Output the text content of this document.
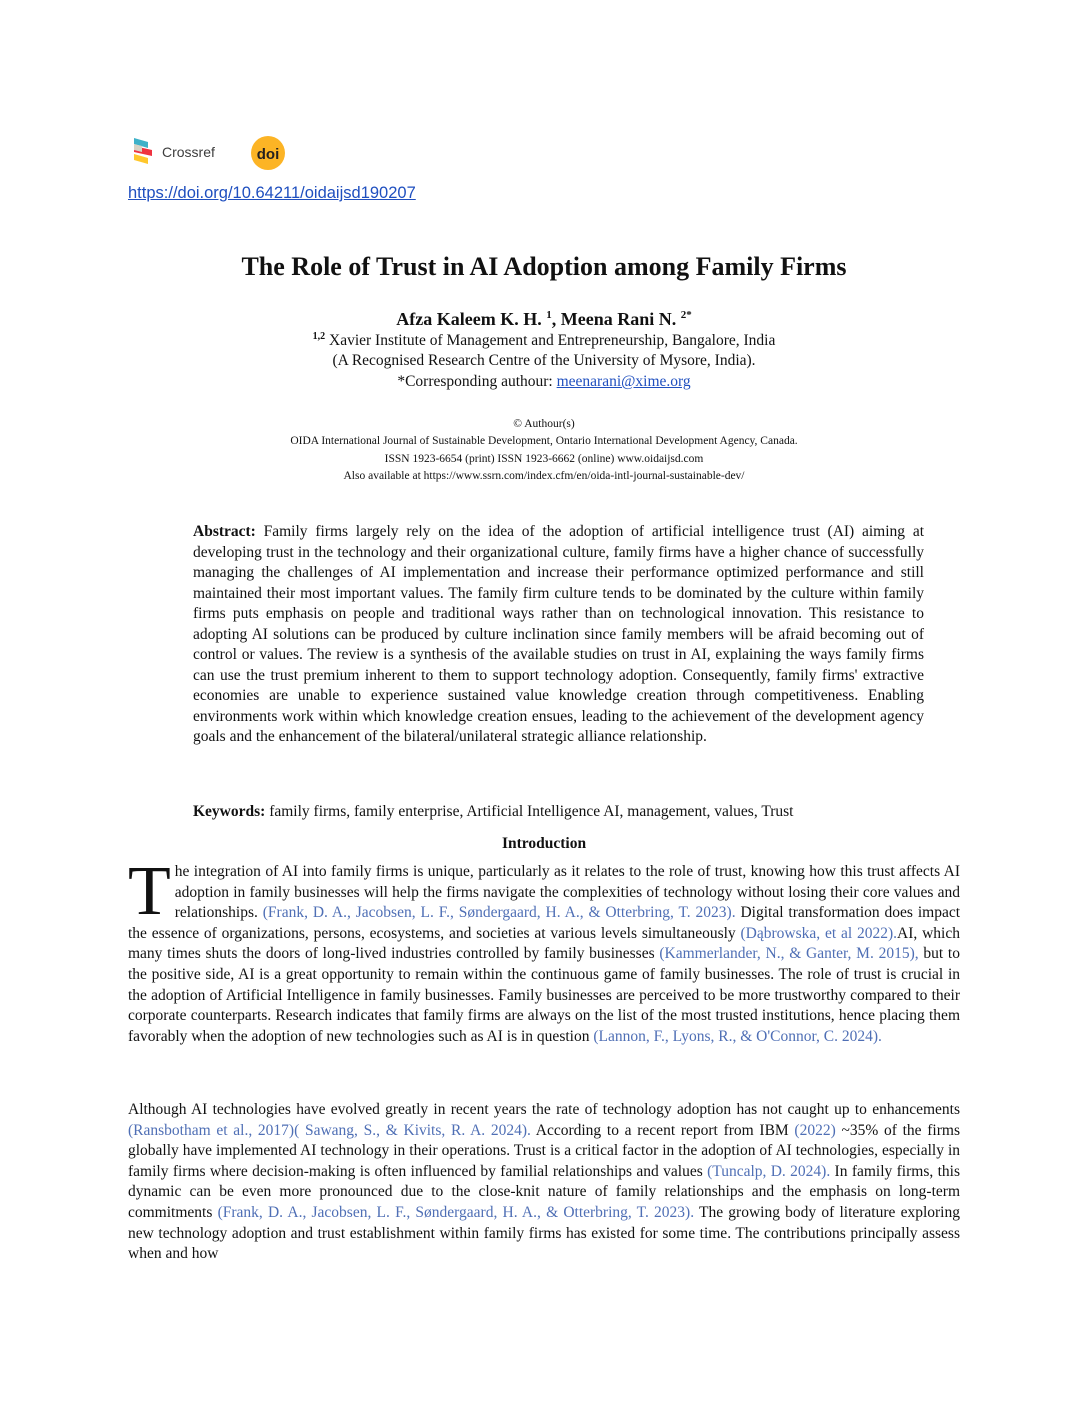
Crossref	doi
https://doi.org/10.64211/oidaijsd190207
The Role of Trust in AI Adoption among Family Firms
Afza Kaleem K. H. $^1$, Meena Rani N. $^{2*}$
$^{1,2}$ Xavier Institute of Management and Entrepreneurship, Bangalore, India
(A Recognised Research Centre of the University of Mysore, India).
*Corresponding authour: meenarani@xime.org
© Authour(s)
OIDA International Journal of Sustainable Development, Ontario International Development Agency, Canada.
ISSN 1923-6654 (print) ISSN 1923-6662 (online) www.oidaijsd.com
Also available at https://www.ssrn.com/index.cfm/en/oida-intl-journal-sustainable-dev/
Abstract: Family firms largely rely on the idea of the adoption of artificial intelligence trust (AI) aiming at developing trust in the technology and their organizational culture, family firms have a higher chance of successfully managing the challenges of AI implementation and increase their performance optimized performance and still maintained their most important values. The family firm culture tends to be dominated by the culture within family firms puts emphasis on people and traditional ways rather than on technological innovation. This resistance to adopting AI solutions can be produced by culture inclination since family members will be afraid becoming out of control or values. The review is a synthesis of the available studies on trust in AI, explaining the ways family firms can use the trust premium inherent to them to support technology adoption. Consequently, family firms' extractive economies are unable to experience sustained value knowledge creation through competitiveness. Enabling environments work within which knowledge creation ensues, leading to the achievement of the development agency goals and the enhancement of the bilateral/unilateral strategic alliance relationship.
Keywords: family firms, family enterprise, Artificial Intelligence AI, management, values, Trust
Introduction

The integration of AI into family firms is unique, particularly as it relates to the role of trust, knowing how this trust affects AI adoption in family businesses will help the firms navigate the complexities of technology without losing their core values and relationships. (Frank, D. A., Jacobsen, L. F., Søndergaard, H. A., & Otterbring, T. 2023). Digital transformation does impact the essence of organizations, persons, ecosystems, and societies at various levels simultaneously (Dąbrowska, et al 2022).AI, which many times shuts the doors of long-lived industries controlled by family businesses (Kammerlander, N., & Ganter, M. 2015), but to the positive side, AI is a great opportunity to remain within the continuous game of family businesses. The role of trust is crucial in the adoption of Artificial Intelligence in family businesses. Family businesses are perceived to be more trustworthy compared to their corporate counterparts. Research indicates that family firms are always on the list of the most trusted institutions, hence placing them favorably when the adoption of new technologies such as AI is in question (Lannon, F., Lyons, R., & O'Connor, C. 2024).

Although AI technologies have evolved greatly in recent years the rate of technology adoption has not caught up to enhancements (Ransbotham et al., 2017)( Sawang, S., & Kivits, R. A. 2024). According to a recent report from IBM (2022) ~35% of the firms globally have implemented AI technology in their operations. Trust is a critical factor in the adoption of AI technologies, especially in family firms where decision-making is often influenced by familial relationships and values (Tuncalp, D. 2024). In family firms, this dynamic can be even more pronounced due to the close-knit nature of family relationships and the emphasis on long-term commitments (Frank, D. A., Jacobsen, L. F., Søndergaard, H. A., & Otterbring, T. 2023). The growing body of literature exploring new technology adoption and trust establishment within family firms has existed for some time. The contributions principally assess when and how
